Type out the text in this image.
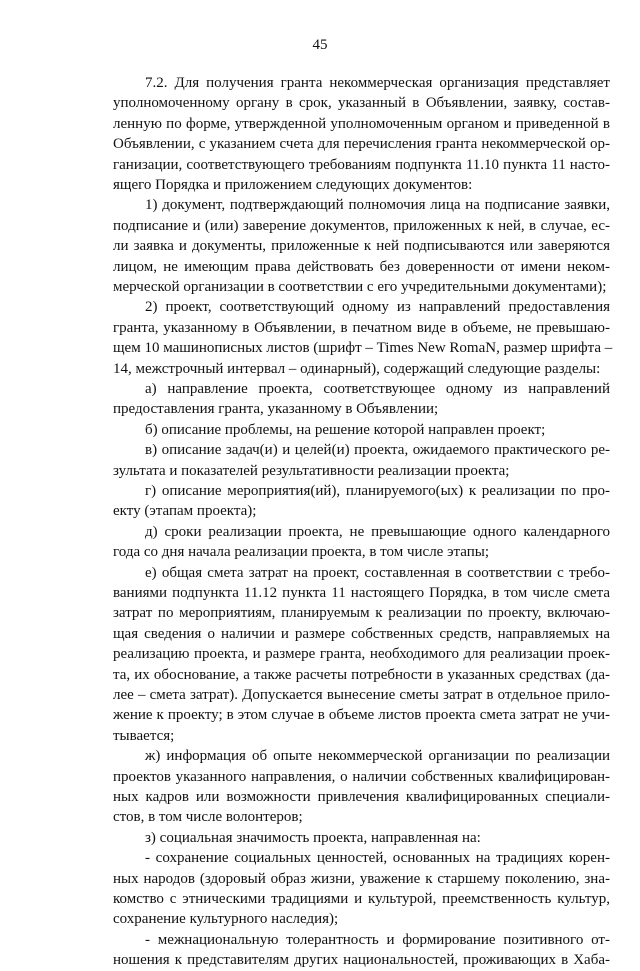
45
7.2. Для получения гранта некоммерческая организация представляет
уполномоченному органу в срок, указанный в Объявлении, заявку, состав-
ленную по форме, утвержденной уполномоченным органом и приведенной в
Объявлении, с указанием счета для перечисления гранта некоммерческой ор-
ганизации, соответствующего требованиям подпункта 11.10 пункта 11 насто-
ящего Порядка и приложением следующих документов:
1) документ, подтверждающий полномочия лица на подписание заявки,
подписание и (или) заверение документов, приложенных к ней, в случае, ес-
ли заявка и документы, приложенные к ней подписываются или заверяются
лицом, не имеющим права действовать без доверенности от имени неком-
мерческой организации в соответствии с его учредительными документами);
2) проект, соответствующий одному из направлений предоставления
гранта, указанному в Объявлении, в печатном виде в объеме, не превышаю-
щем 10 машинописных листов (шрифт – Times New RomaN, размер шрифта –
14, межстрочный интервал – одинарный), содержащий следующие разделы:
а) направление проекта, соответствующее одному из направлений
предоставления гранта, указанному в Объявлении;
б) описание проблемы, на решение которой направлен проект;
в) описание задач(и) и целей(и) проекта, ожидаемого практического ре-
зультата и показателей результативности реализации проекта;
г) описание мероприятия(ий), планируемого(ых) к реализации по про-
екту (этапам проекта);
д) сроки реализации проекта, не превышающие одного календарного
года со дня начала реализации проекта, в том числе этапы;
е) общая смета затрат на проект, составленная в соответствии с требо-
ваниями подпункта 11.12 пункта 11 настоящего Порядка, в том числе смета
затрат по мероприятиям, планируемым к реализации по проекту, включаю-
щая сведения о наличии и размере собственных средств, направляемых на
реализацию проекта, и размере гранта, необходимого для реализации проек-
та, их обоснование, а также расчеты потребности в указанных средствах (да-
лее – смета затрат). Допускается вынесение сметы затрат в отдельное прило-
жение к проекту; в этом случае в объеме листов проекта смета затрат не учи-
тывается;
ж) информация об опыте некоммерческой организации по реализации
проектов указанного направления, о наличии собственных квалифицирован-
ных кадров или возможности привлечения квалифицированных специали-
стов, в том числе волонтеров;
з) социальная значимость проекта, направленная на:
- сохранение социальных ценностей, основанных на традициях корен-
ных народов (здоровый образ жизни, уважение к старшему поколению, зна-
комство с этническими традициями и культурой, преемственность культур,
сохранение культурного наследия);
- межнациональную толерантность и формирование позитивного от-
ношения к представителям других национальностей, проживающих в Хаба-
